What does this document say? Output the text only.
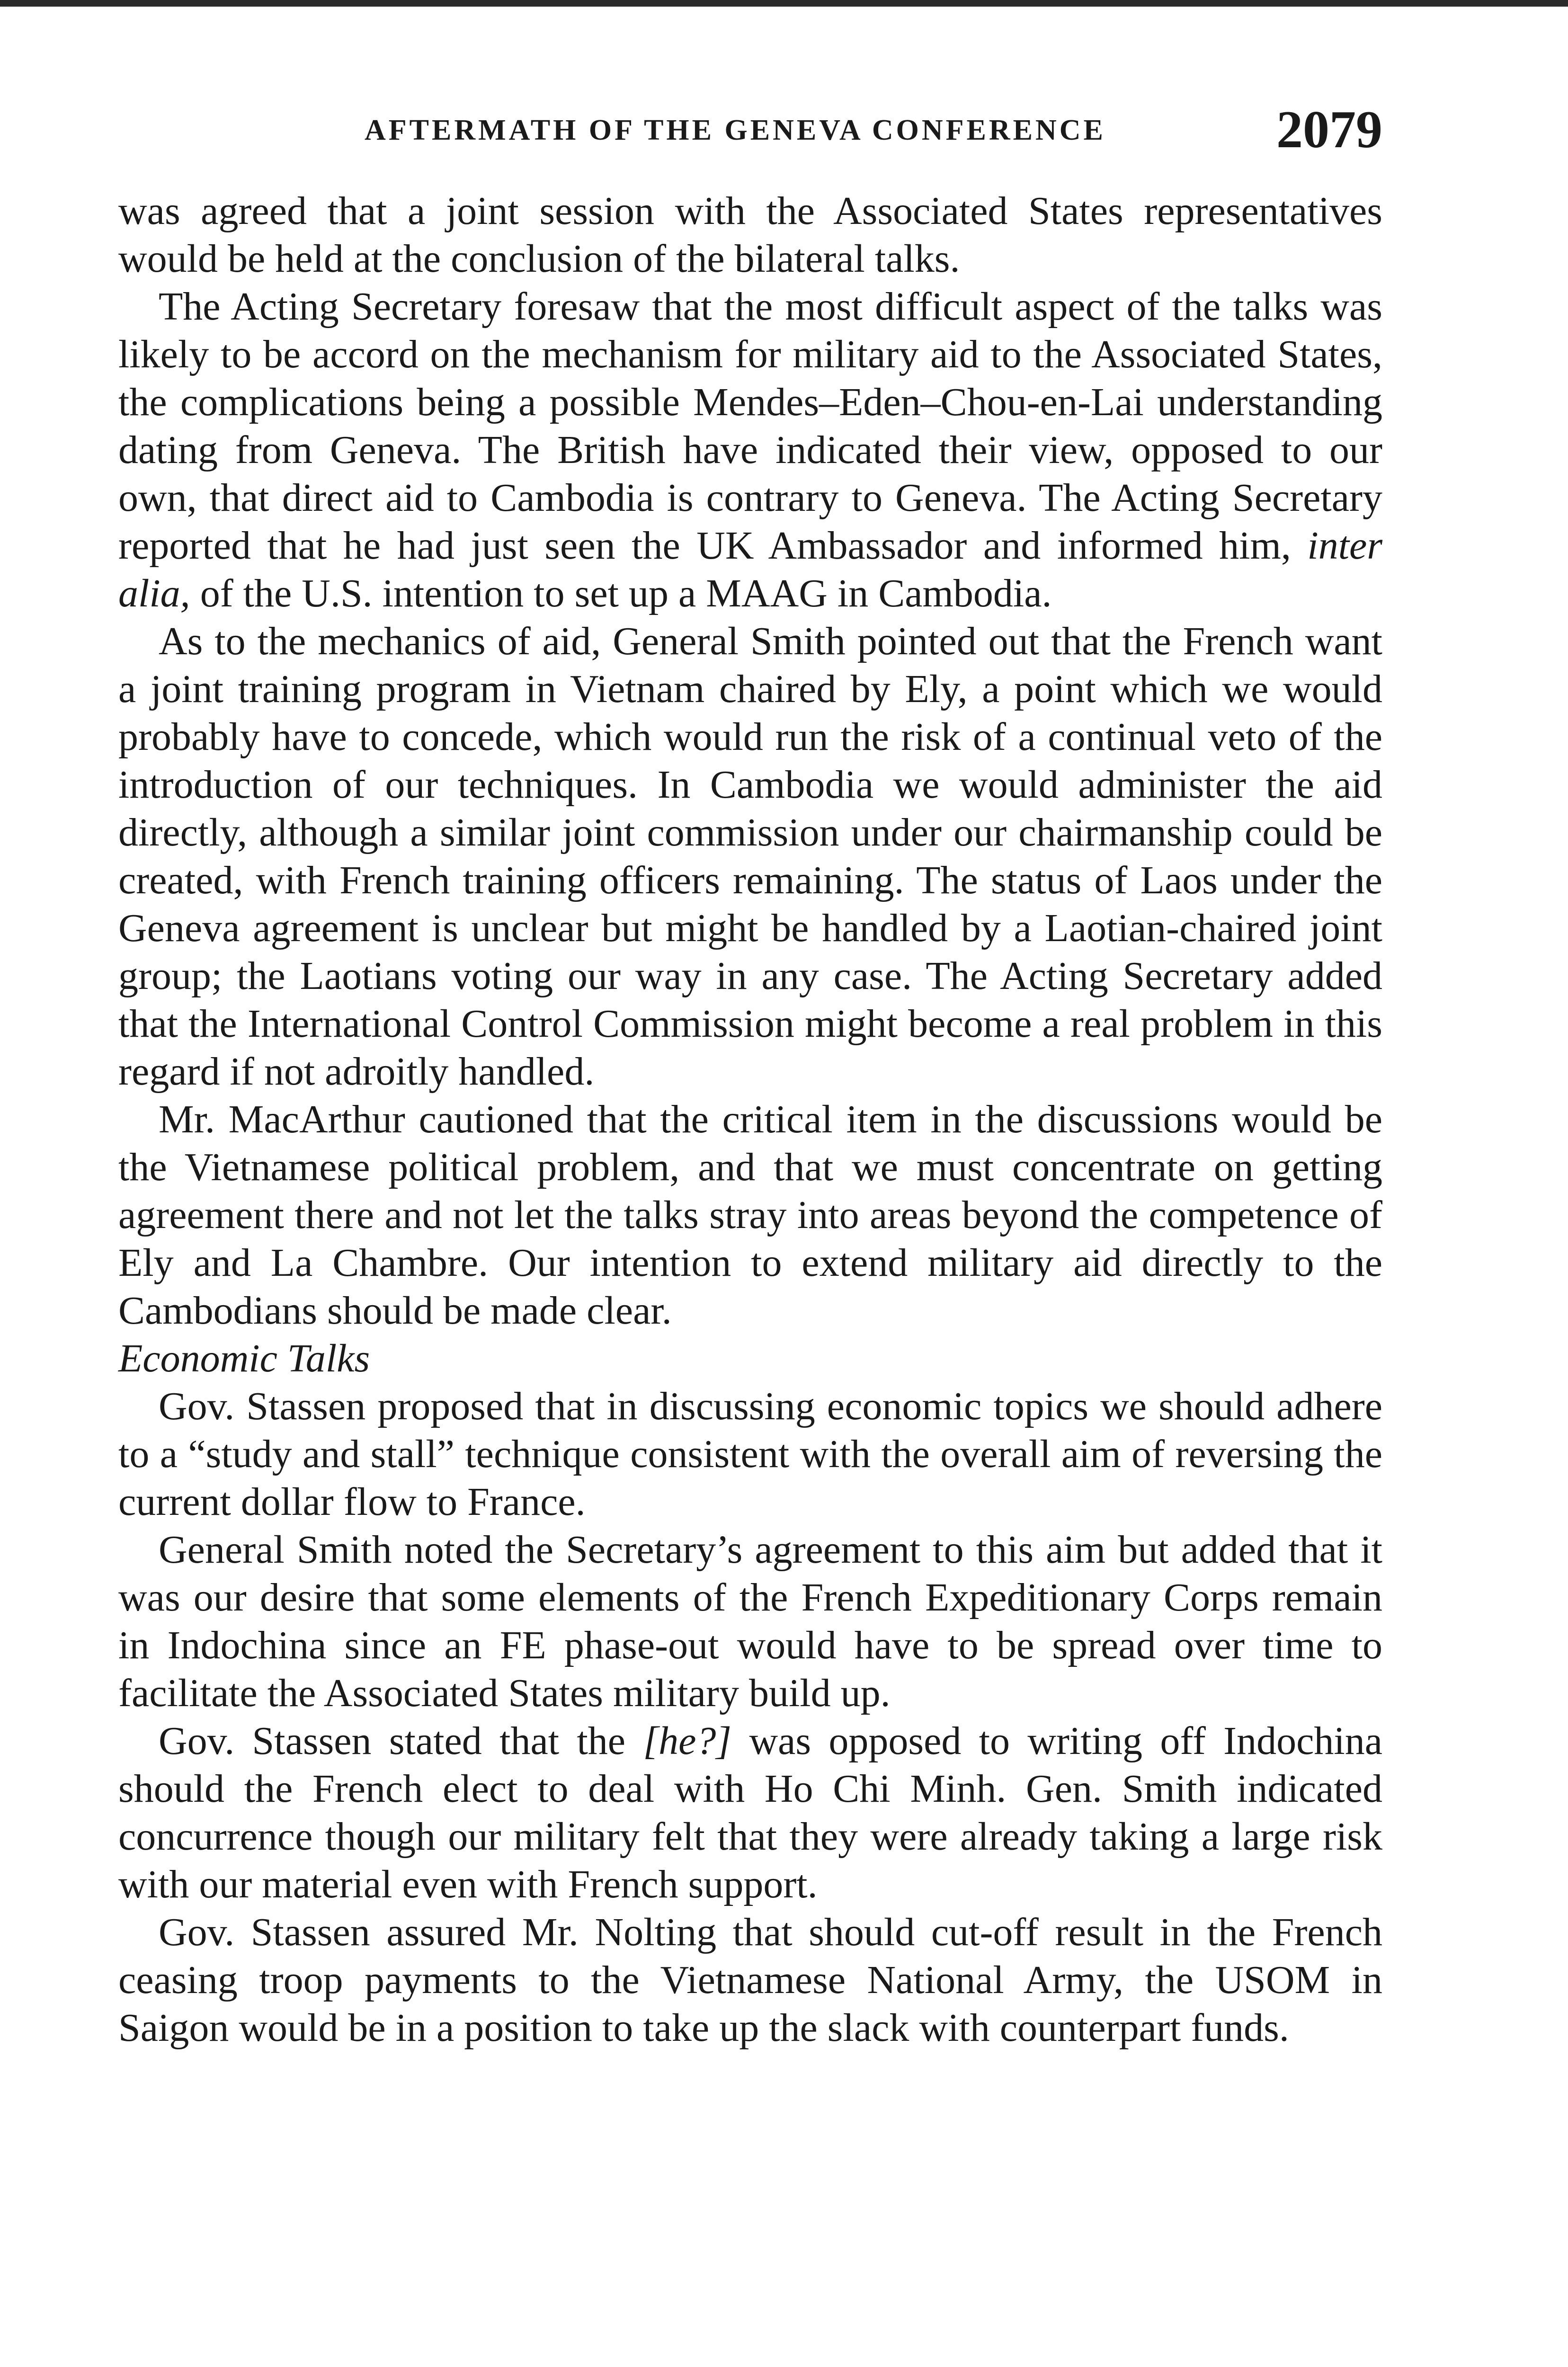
AFTERMATH OF THE GENEVA CONFERENCE	2079

was agreed that a joint session with the Associated States representatives would be held at the conclusion of the bilateral talks.

The Acting Secretary foresaw that the most difficult aspect of the talks was likely to be accord on the mechanism for military aid to the Associated States, the complications being a possible Mendes–Eden–Chou-en-Lai understanding dating from Geneva. The British have indicated their view, opposed to our own, that direct aid to Cambodia is contrary to Geneva. The Acting Secretary reported that he had just seen the UK Ambassador and informed him, inter alia, of the U.S. intention to set up a MAAG in Cambodia.

As to the mechanics of aid, General Smith pointed out that the French want a joint training program in Vietnam chaired by Ely, a point which we would probably have to concede, which would run the risk of a continual veto of the introduction of our techniques. In Cambodia we would administer the aid directly, although a similar joint commission under our chairmanship could be created, with French training officers remaining. The status of Laos under the Geneva agreement is unclear but might be handled by a Laotian-chaired joint group; the Laotians voting our way in any case. The Acting Secretary added that the International Control Commission might become a real problem in this regard if not adroitly handled.

Mr. MacArthur cautioned that the critical item in the discussions would be the Vietnamese political problem, and that we must concentrate on getting agreement there and not let the talks stray into areas beyond the competence of Ely and La Chambre. Our intention to extend military aid directly to the Cambodians should be made clear.

Economic Talks

Gov. Stassen proposed that in discussing economic topics we should adhere to a “study and stall” technique consistent with the overall aim of reversing the current dollar flow to France.

General Smith noted the Secretary’s agreement to this aim but added that it was our desire that some elements of the French Expeditionary Corps remain in Indochina since an FE phase-out would have to be spread over time to facilitate the Associated States military build up.

Gov. Stassen stated that the [he?] was opposed to writing off Indochina should the French elect to deal with Ho Chi Minh. Gen. Smith indicated concurrence though our military felt that they were already taking a large risk with our material even with French support.

Gov. Stassen assured Mr. Nolting that should cut-off result in the French ceasing troop payments to the Vietnamese National Army, the USOM in Saigon would be in a position to take up the slack with counterpart funds.
